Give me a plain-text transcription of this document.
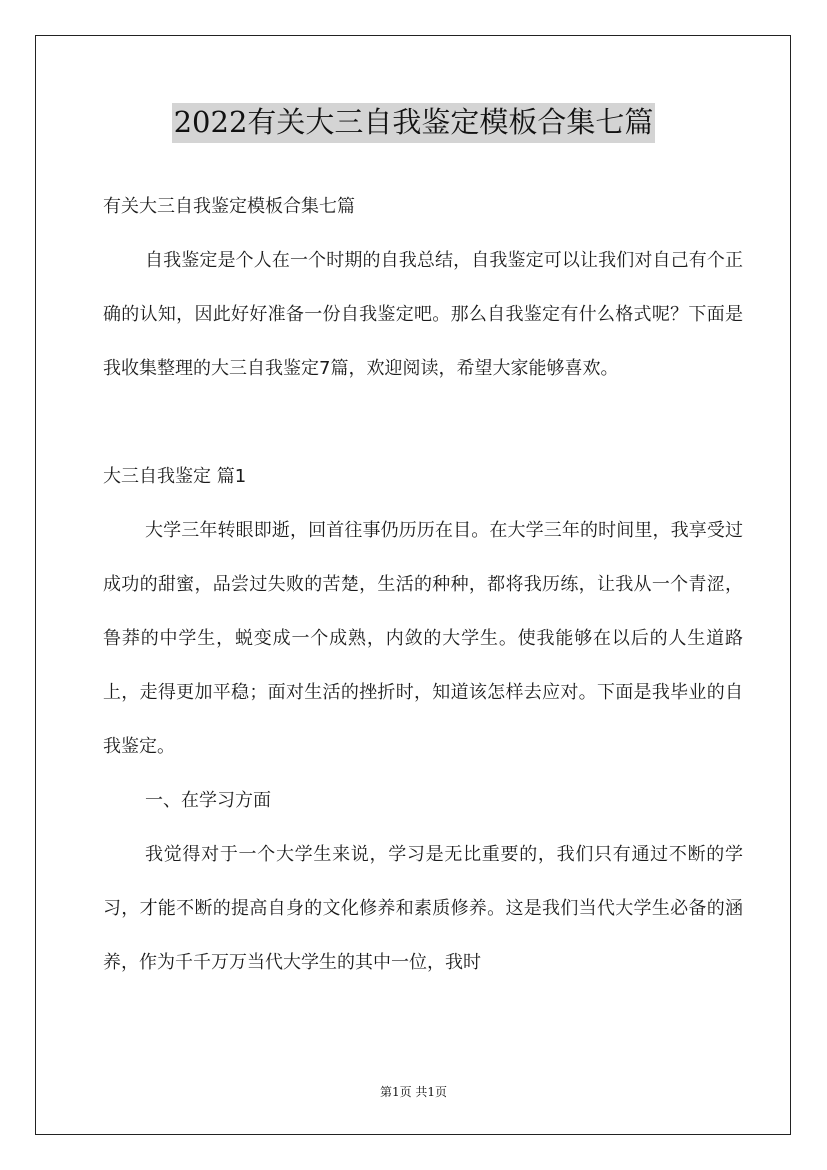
2022有关大三自我鉴定模板合集七篇

有关大三自我鉴定模板合集七篇

自我鉴定是个人在一个时期的自我总结，自我鉴定可以让我们对自己有个正确的认知，因此好好准备一份自我鉴定吧。那么自我鉴定有什么格式呢？下面是我收集整理的大三自我鉴定7篇，欢迎阅读，希望大家能够喜欢。

大三自我鉴定 篇1

大学三年转眼即逝，回首往事仍历历在目。在大学三年的时间里，我享受过成功的甜蜜，品尝过失败的苦楚，生活的种种，都将我历练，让我从一个青涩，鲁莽的中学生，蜕变成一个成熟，内敛的大学生。使我能够在以后的人生道路上，走得更加平稳；面对生活的挫折时，知道该怎样去应对。下面是我毕业的自我鉴定。

一、在学习方面

我觉得对于一个大学生来说，学习是无比重要的，我们只有通过不断的学习，才能不断的提高自身的文化修养和素质修养。这是我们当代大学生必备的涵养，作为千千万万当代大学生的其中一位，我时

第1页 共1页
